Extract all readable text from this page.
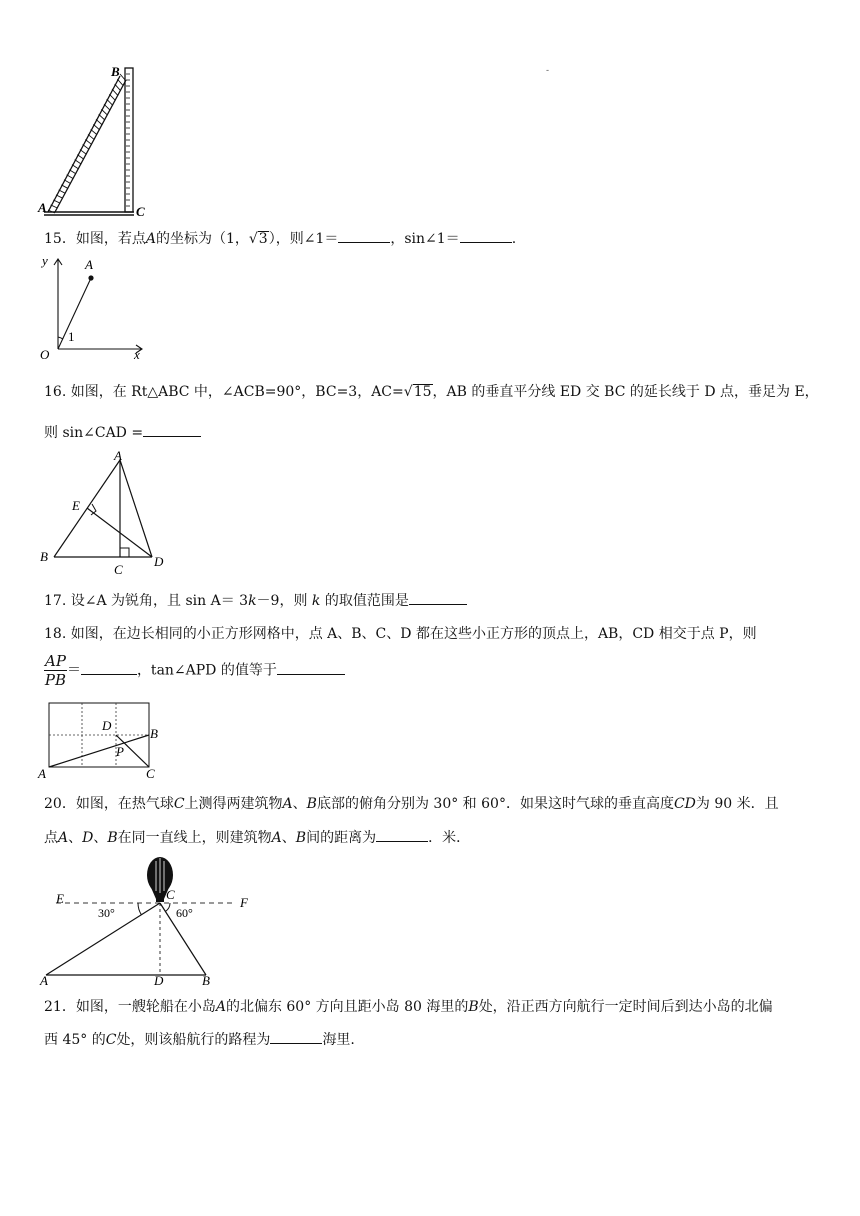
-
B
A	C
15．如图，若点A的坐标为（1，√3），则∠1＝	，sin∠1＝	.
y
x
O
A
1
16. 如图，在 Rt△ABC 中，∠ACB=90°，BC=3，AC=√15，AB 的垂直平分线 ED 交 BC 的延长线于 D 点，垂足为 E，
则 sin∠CAD =
A
E
B
C
D
17. 设∠A 为锐角，且 sin A＝ 3k－9，则 k 的取值范围是
18. 如图，在边长相同的小正方形网格中，点 A、B、C、D 都在这些小正方形的顶点上，AB，CD 相交于点 P，则
$\frac{AP}{PB}$ ＝	，tan∠APD 的值等于
D
B
P
A	C
20．如图，在热气球C上测得两建筑物A、B底部的俯角分别为 30° 和 60°．如果这时气球的垂直高度CD为 90 米．且
点A、D、B在同一直线上，则建筑物A、B间的距离为	．米．
E	F
C
30°	60°
A	D	B
21．如图，一艘轮船在小岛A的北偏东 60° 方向且距小岛 80 海里的B处，沿正西方向航行一定时间后到达小岛的北偏
西 45° 的C处，则该船航行的路程为	海里.
